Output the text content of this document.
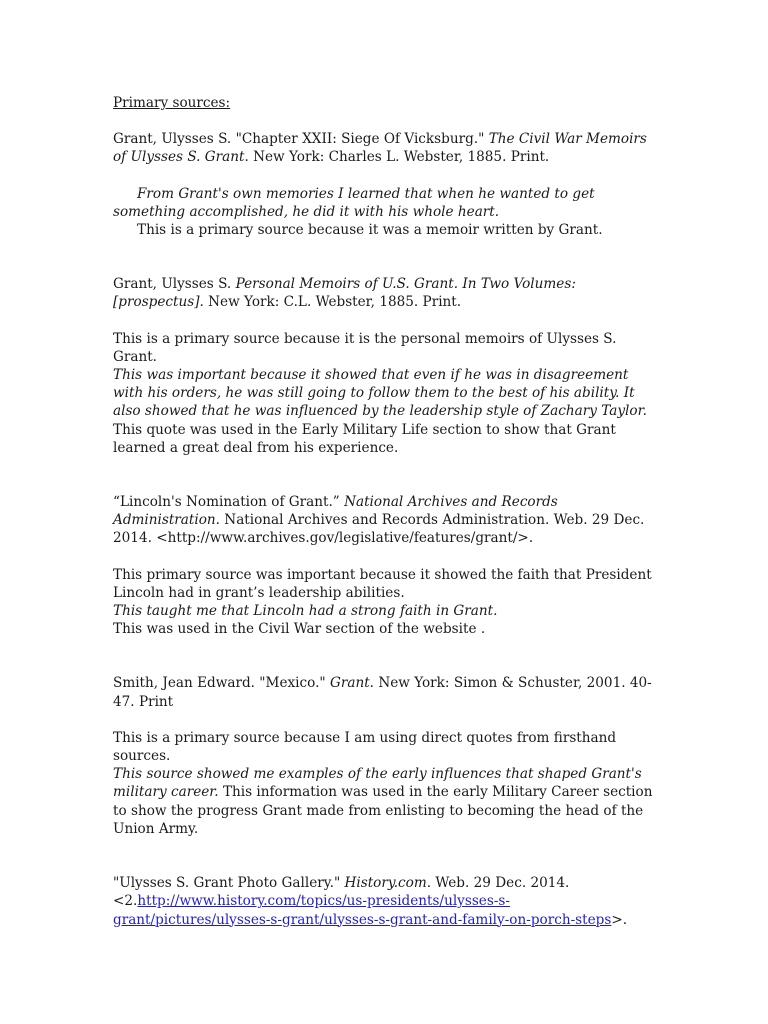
Primary sources:

Grant, Ulysses S. "Chapter XXII: Siege Of Vicksburg." The Civil War Memoirs of Ulysses S. Grant. New York: Charles L. Webster, 1885. Print.

From Grant's own memories I learned that when he wanted to get something accomplished, he did it with his whole heart.

This is a primary source because it was a memoir written by Grant.

Grant, Ulysses S. Personal Memoirs of U.S. Grant. In Two Volumes: [prospectus]. New York: C.L. Webster, 1885. Print.

This is a primary source because it is the personal memoirs of Ulysses S. Grant.
This was important because it showed that even if he was in disagreement with his orders, he was still going to follow them to the best of his ability. It also showed that he was influenced by the leadership style of Zachary Taylor. This quote was used in the Early Military Life section to show that Grant learned a great deal from his experience.

“Lincoln's Nomination of Grant.” National Archives and Records Administration. National Archives and Records Administration. Web. 29 Dec. 2014. <http://www.archives.gov/legislative/features/grant/>.

This primary source was important because it showed the faith that President Lincoln had in grant’s leadership abilities.

This taught me that Lincoln had a strong faith in Grant.

This was used in the Civil War section of the website .

Smith, Jean Edward. "Mexico." Grant. New York: Simon & Schuster, 2001. 40-47. Print

This is a primary source because I am using direct quotes from firsthand sources.
This source showed me examples of the early influences that shaped Grant's military career. This information was used in the early Military Career section to show the progress Grant made from enlisting to becoming the head of the Union Army.

"Ulysses S. Grant Photo Gallery." History.com. Web. 29 Dec. 2014. <2.http://www.history.com/topics/us-presidents/ulysses-s-grant/pictures/ulysses-s-grant/ulysses-s-grant-and-family-on-porch-steps>.
